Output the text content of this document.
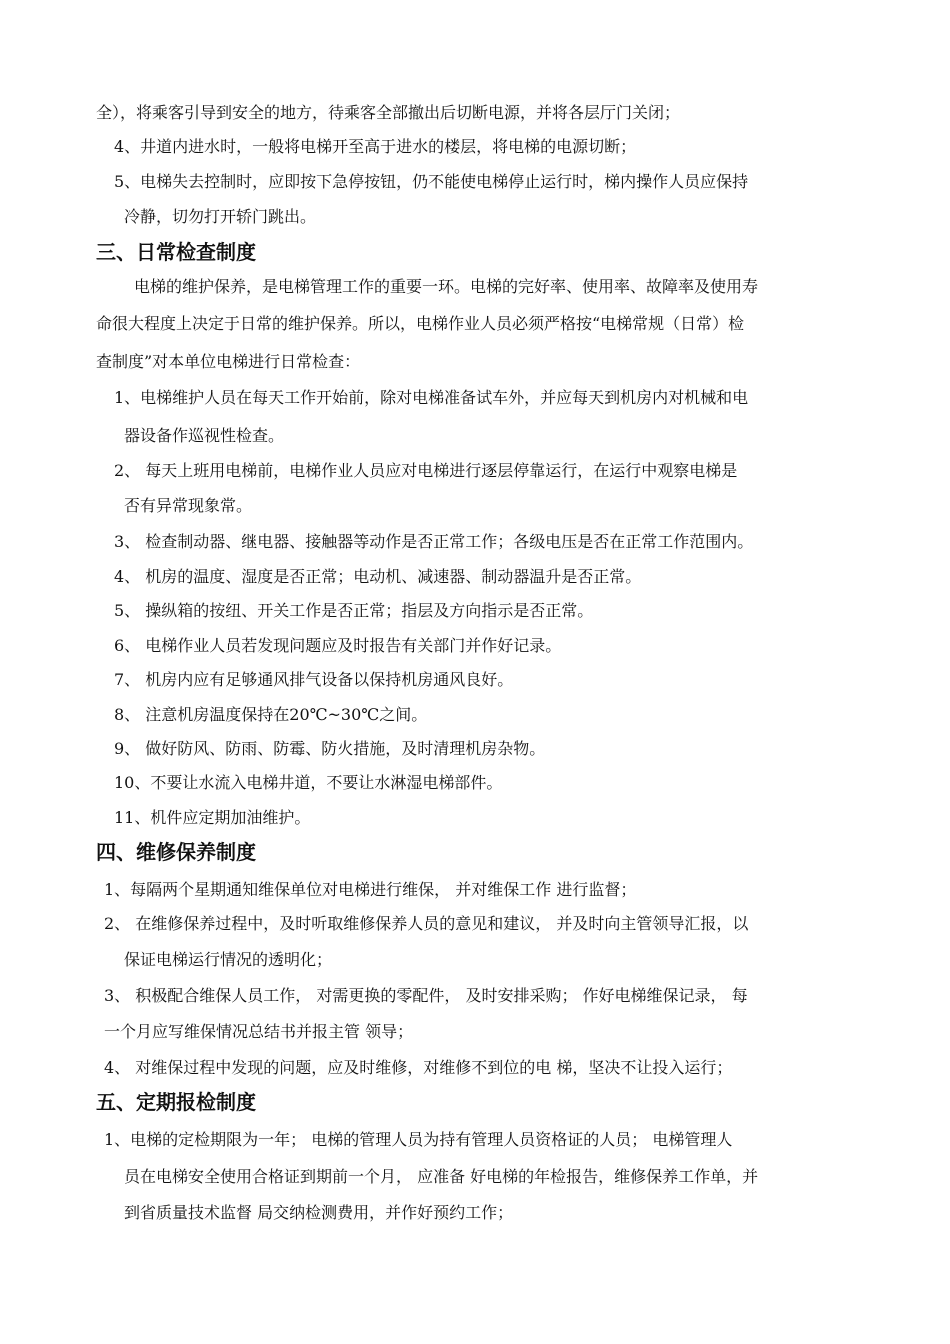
全），将乘客引导到安全的地方，待乘客全部撤出后切断电源，并将各层厅门关闭；
4、井道内进水时，一般将电梯开至高于进水的楼层，将电梯的电源切断；
5、电梯失去控制时，应即按下急停按钮，仍不能使电梯停止运行时，梯内操作人员应保持
冷静，切勿打开轿门跳出。
三、日常检查制度
电梯的维护保养，是电梯管理工作的重要一环。电梯的完好率、使用率、故障率及使用寿
命很大程度上决定于日常的维护保养。所以，电梯作业人员必须严格按“电梯常规（日常）检
查制度”对本单位电梯进行日常检查：
1、电梯维护人员在每天工作开始前，除对电梯准备试车外，并应每天到机房内对机械和电
器设备作巡视性检查。
2、 每天上班用电梯前，电梯作业人员应对电梯进行逐层停靠运行，在运行中观察电梯是
否有异常现象常。
3、 检查制动器、继电器、接触器等动作是否正常工作；各级电压是否在正常工作范围内。
4、 机房的温度、湿度是否正常；电动机、减速器、制动器温升是否正常。
5、 操纵箱的按纽、开关工作是否正常；指层及方向指示是否正常。
6、 电梯作业人员若发现问题应及时报告有关部门并作好记录。
7、 机房内应有足够通风排气设备以保持机房通风良好。
8、 注意机房温度保持在20℃~30℃之间。
9、 做好防风、防雨、防霉、防火措施，及时清理机房杂物。
10、不要让水流入电梯井道，不要让水淋湿电梯部件。
11、机件应定期加油维护。
四、维修保养制度
1、每隔两个星期通知维保单位对电梯进行维保， 并对维保工作 进行监督；
2、 在维修保养过程中，及时听取维修保养人员的意见和建议， 并及时向主管领导汇报，以
保证电梯运行情况的透明化；
3、 积极配合维保人员工作， 对需更换的零配件， 及时安排采购； 作好电梯维保记录， 每
一个月应写维保情况总结书并报主管 领导；
4、 对维保过程中发现的问题，应及时维修，对维修不到位的电 梯，坚决不让投入运行；
五、定期报检制度
1、电梯的定检期限为一年； 电梯的管理人员为持有管理人员资格证的人员； 电梯管理人
员在电梯安全使用合格证到期前一个月， 应准备 好电梯的年检报告，维修保养工作单，并
到省质量技术监督 局交纳检测费用，并作好预约工作；
